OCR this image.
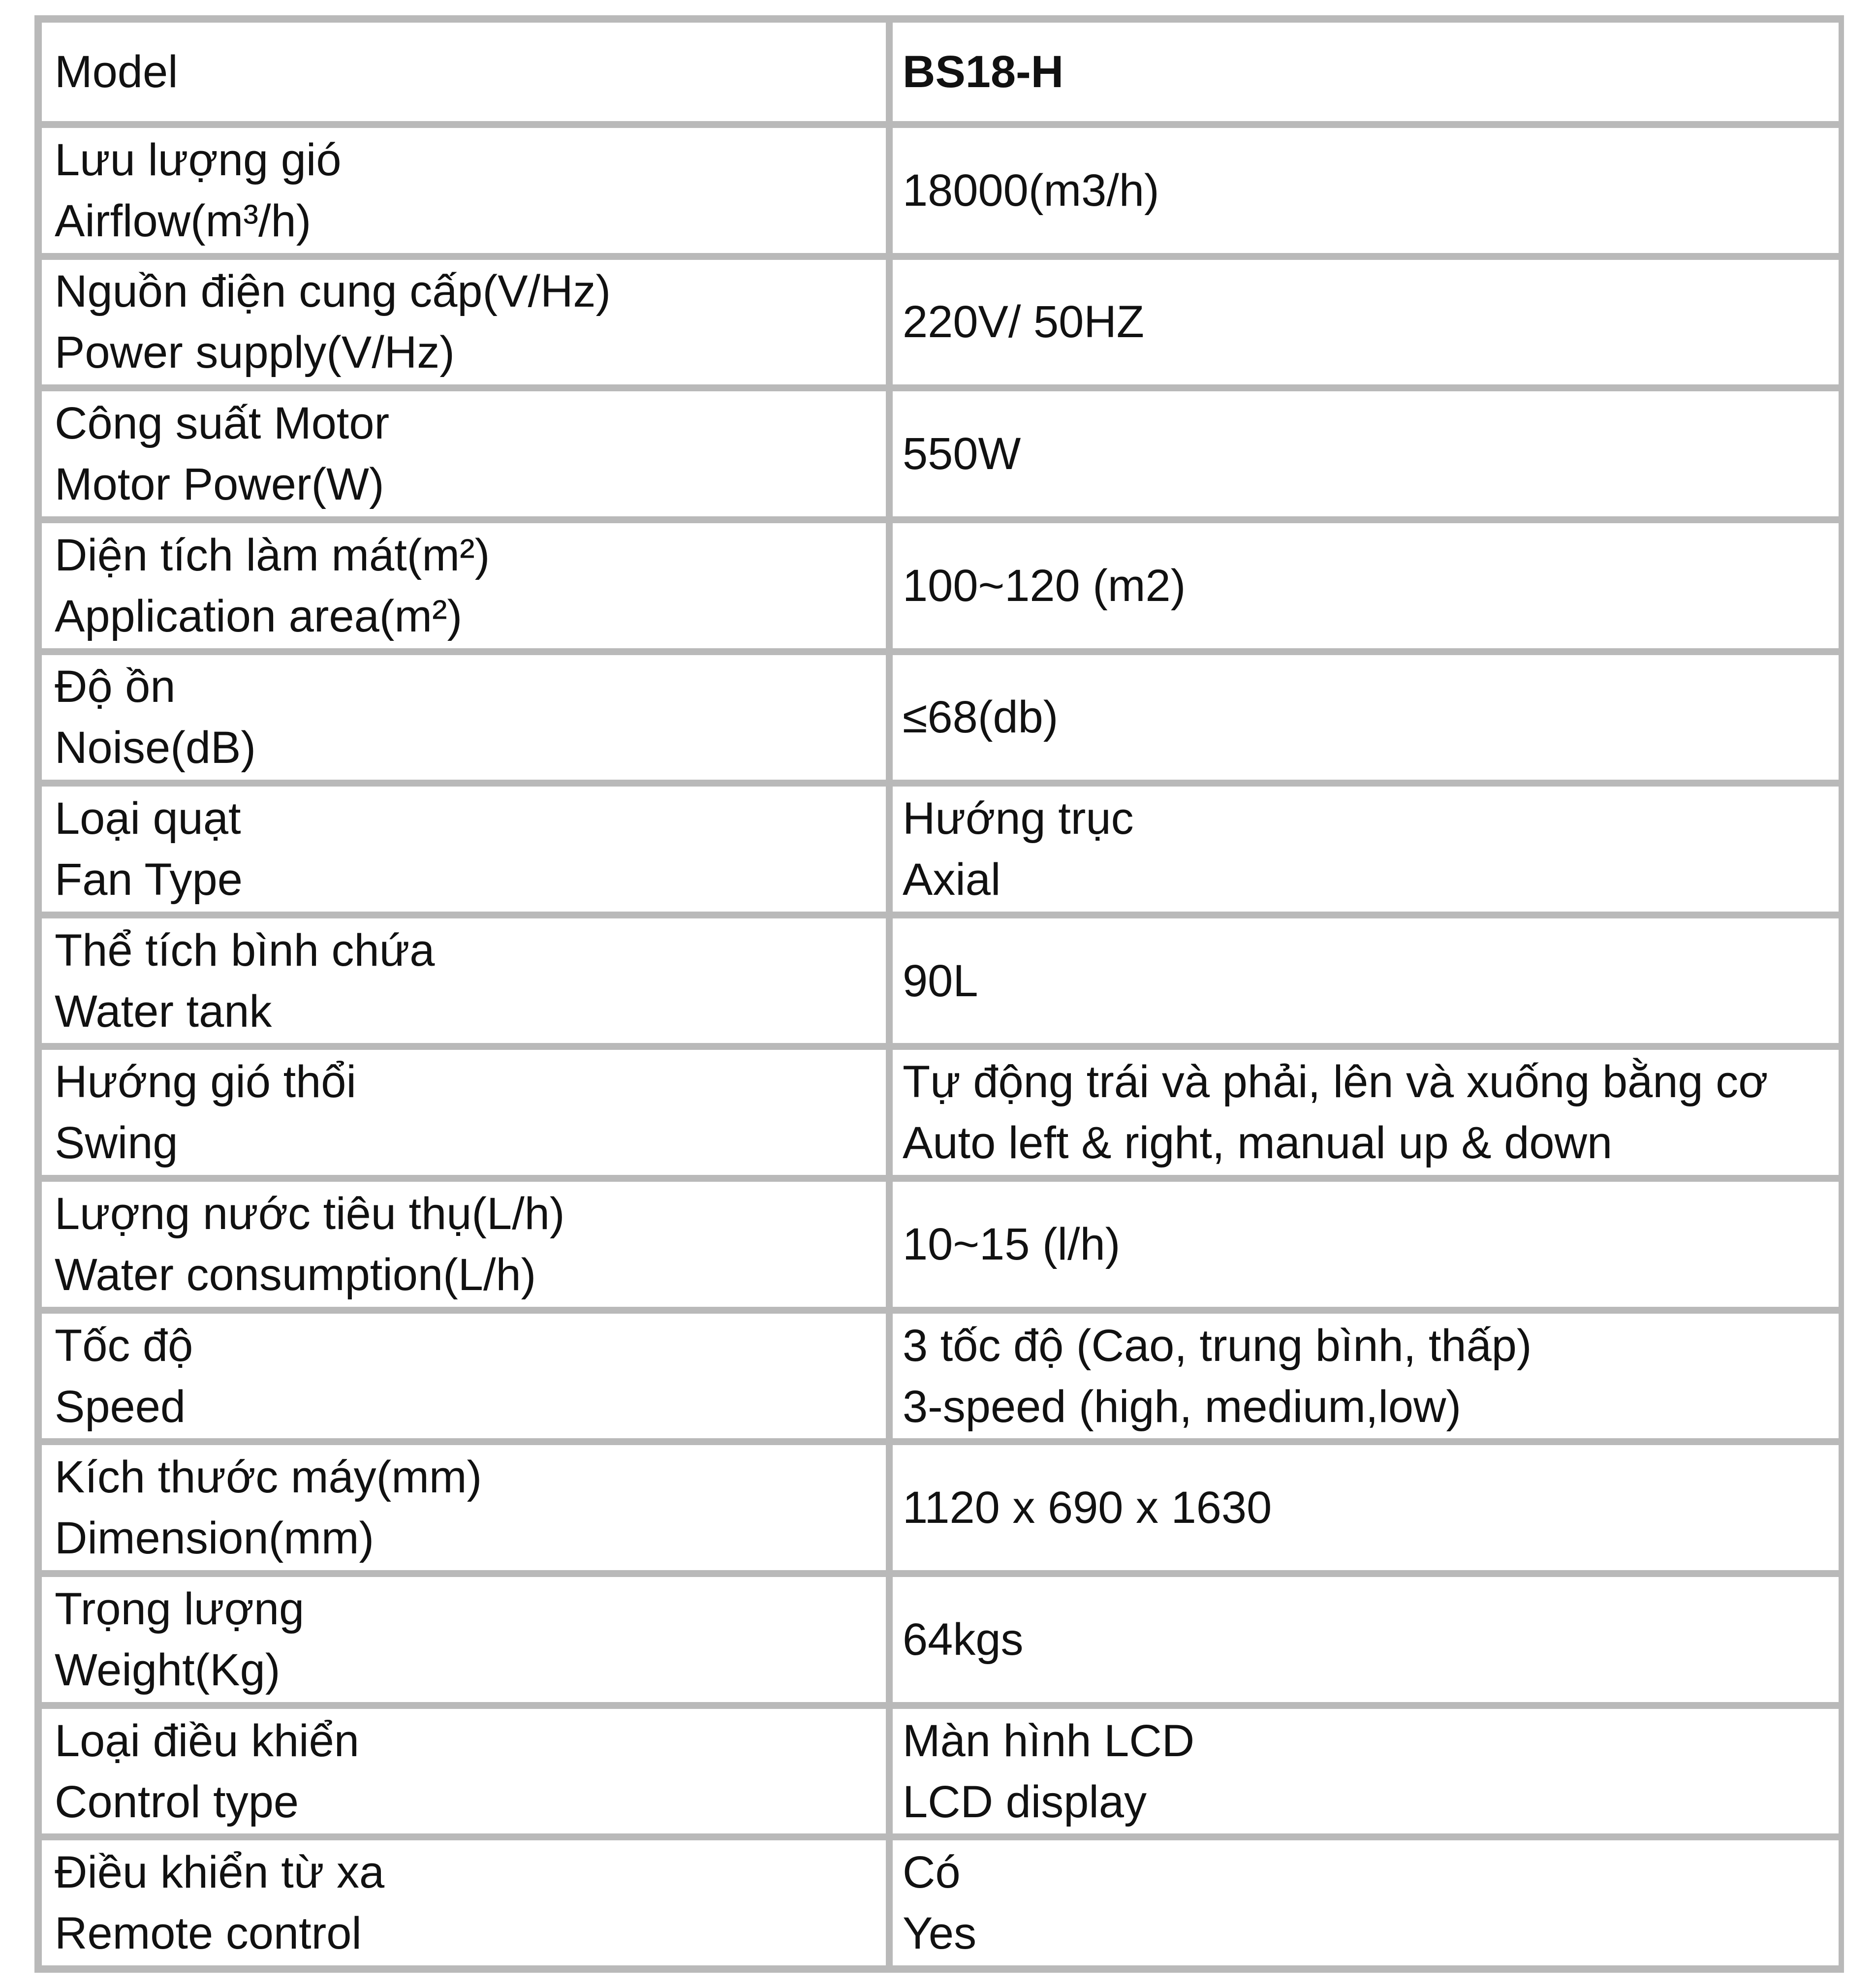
Model	BS18-H
Lưu lượng gió
Airflow(m³/h)
18000(m3/h)
Nguồn điện cung cấp(V/Hz)
Power supply(V/Hz)
220V/ 50HZ
Công suất Motor
Motor Power(W)
550W
Diện tích làm mát(m²)
Application area(m²)
100~120 (m2)
Độ ồn
Noise(dB)
≤68(db)
Loại quạt
Fan Type
Hướng trục
Axial
Thể tích bình chứa
Water tank
90L
Hướng gió thổi
Swing
Tự động trái và phải, lên và xuống bằng cơ
Auto left & right, manual up & down
Lượng nước tiêu thụ(L/h)
Water consumption(L/h)
10~15 (l/h)
Tốc độ
Speed
3 tốc độ (Cao, trung bình, thấp)
3-speed (high, medium,low)
Kích thước máy(mm)
Dimension(mm)
1120 x 690 x 1630
Trọng lượng
Weight(Kg)
64kgs
Loại điều khiển
Control type
Màn hình LCD
LCD display
Điều khiển từ xa
Remote control
Có
Yes
